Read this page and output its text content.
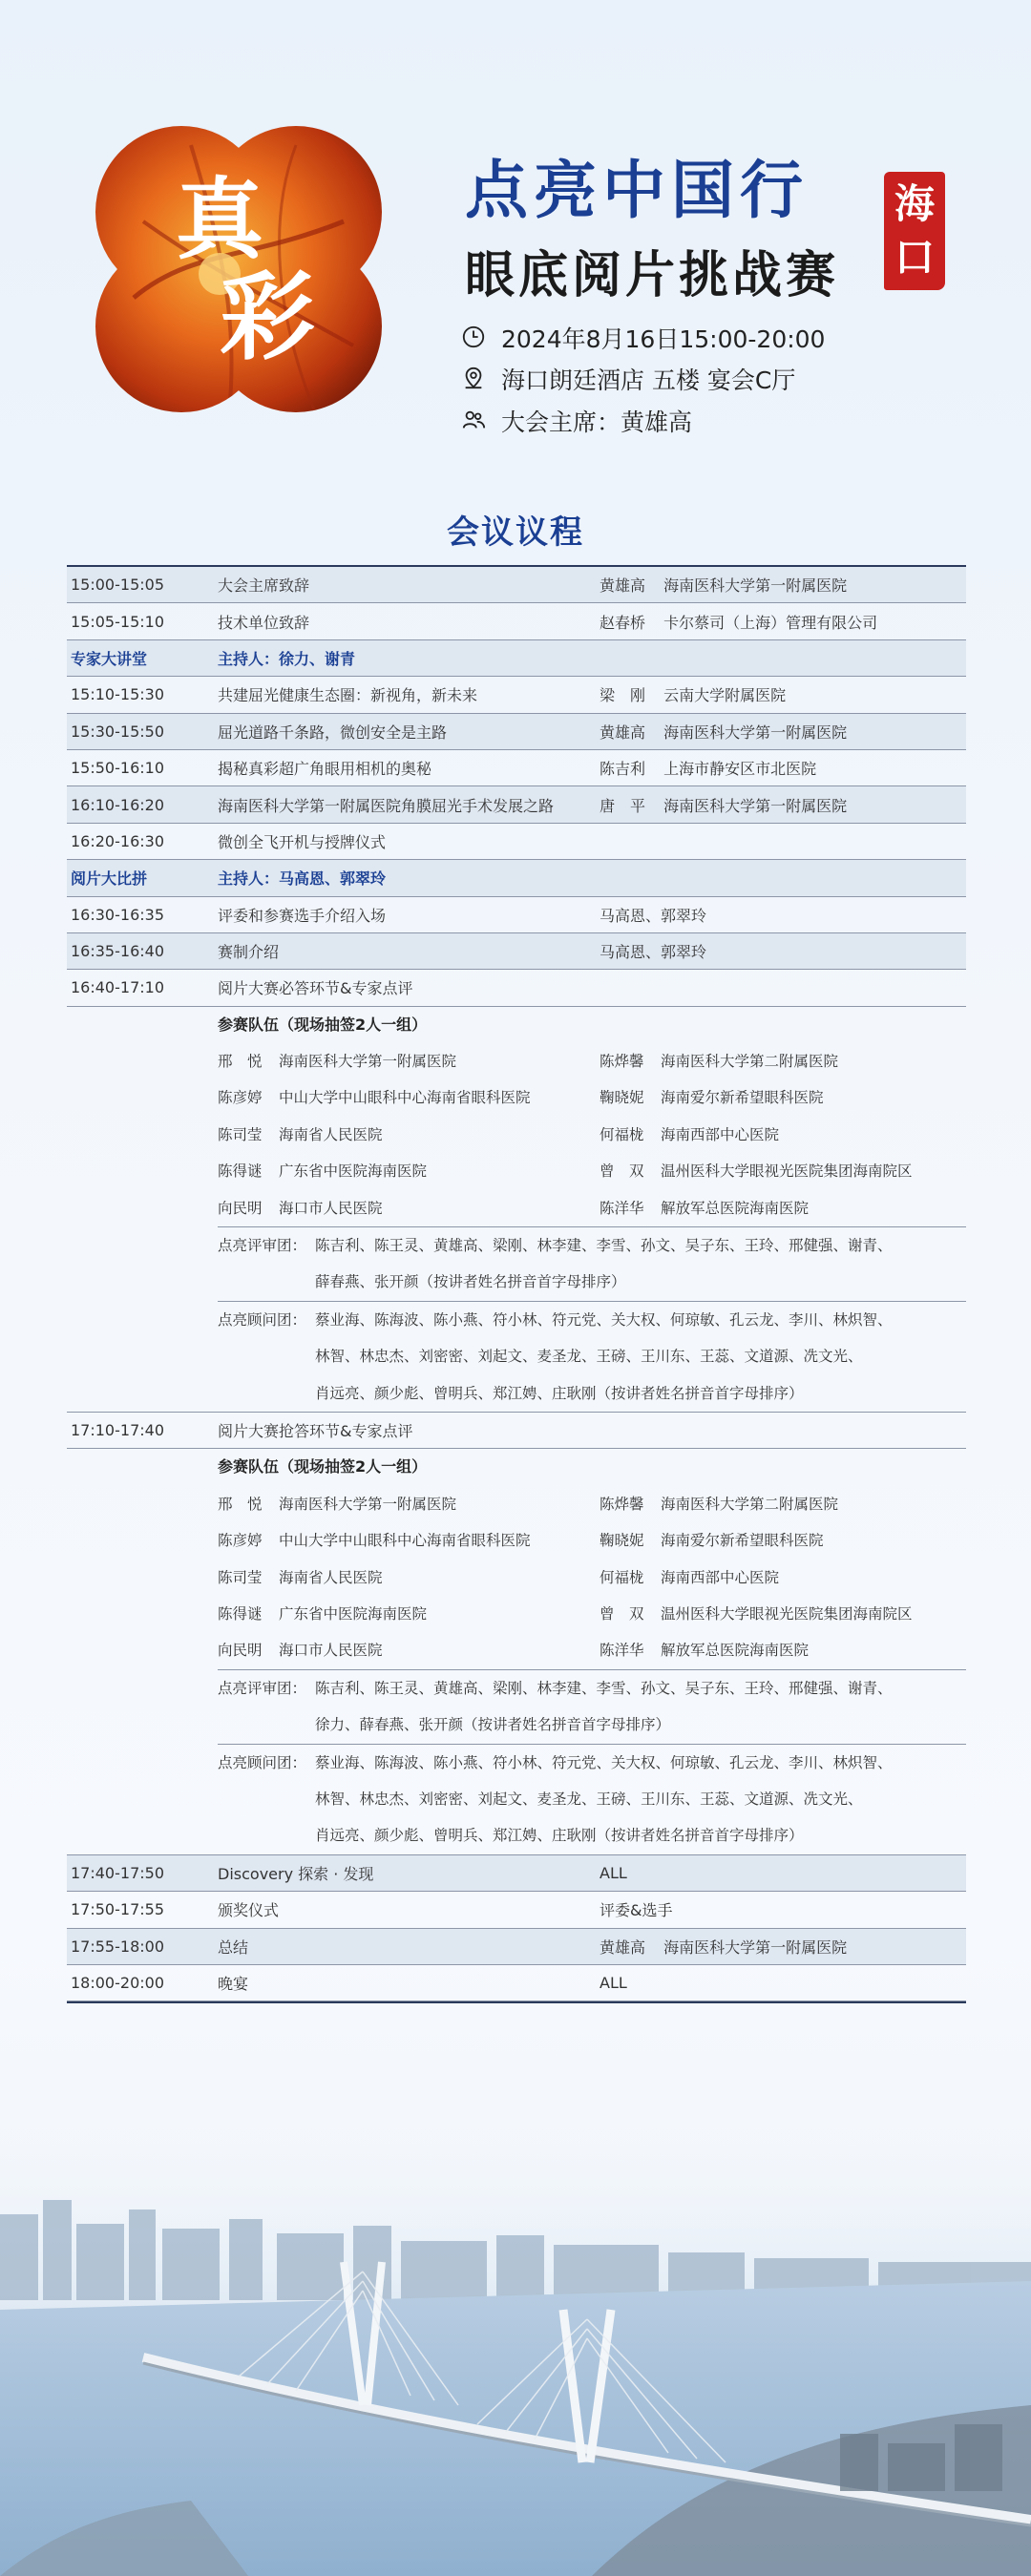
真
彩
点亮中国行
眼底阅片挑战赛
海
口
2024年8月16日15:00-20:00
海口朗廷酒店 五楼 宴会C厅
大会主席：黄雄高
会议议程
15:00-15:05	大会主席致辞	黄雄高 海南医科大学第一附属医院
15:05-15:10	技术单位致辞	赵春桥 卡尔蔡司（上海）管理有限公司
专家大讲堂	主持人：徐力、谢青
15:10-15:30	共建屈光健康生态圈：新视角，新未来	梁　刚 云南大学附属医院
15:30-15:50	屈光道路千条路，微创安全是主路	黄雄高 海南医科大学第一附属医院
15:50-16:10	揭秘真彩超广角眼用相机的奥秘	陈吉利 上海市静安区市北医院
16:10-16:20	海南医科大学第一附属医院角膜屈光手术发展之路	唐　平 海南医科大学第一附属医院
16:20-16:30	微创全飞开机与授牌仪式
阅片大比拼	主持人：马高恩、郭翠玲
16:30-16:35	评委和参赛选手介绍入场	马高恩、郭翠玲
16:35-16:40	赛制介绍	马高恩、郭翠玲
16:40-17:10	阅片大赛必答环节&专家点评
参赛队伍（现场抽签2人一组）
邢　悦 海南医科大学第一附属医院	陈烨馨 海南医科大学第二附属医院
陈彦婷 中山大学中山眼科中心海南省眼科医院	鞠晓妮 海南爱尔新希望眼科医院
陈司莹 海南省人民医院	何福栊 海南西部中心医院
陈得谜 广东省中医院海南医院	曾　双 温州医科大学眼视光医院集团海南院区
向民明 海口市人民医院	陈洋华 解放军总医院海南医院
点亮评审团： 陈吉利、陈王灵、黄雄高、梁刚、林李建、李雪、孙文、吴子东、王玲、邢健强、谢青、
薛春燕、张开颜（按讲者姓名拼音首字母排序）
点亮顾问团： 蔡业海、陈海波、陈小燕、符小林、符元党、关大权、何琼敏、孔云龙、李川、林炽智、
林智、林忠杰、刘密密、刘起文、麦圣龙、王磅、王川东、王蕊、文道源、冼文光、
肖远亮、颜少彪、曾明兵、郑江娉、庄耿刚（按讲者姓名拼音首字母排序）
17:10-17:40	阅片大赛抢答环节&专家点评
参赛队伍（现场抽签2人一组）
邢　悦 海南医科大学第一附属医院	陈烨馨 海南医科大学第二附属医院
陈彦婷 中山大学中山眼科中心海南省眼科医院	鞠晓妮 海南爱尔新希望眼科医院
陈司莹 海南省人民医院	何福栊 海南西部中心医院
陈得谜 广东省中医院海南医院	曾　双 温州医科大学眼视光医院集团海南院区
向民明 海口市人民医院	陈洋华 解放军总医院海南医院
点亮评审团： 陈吉利、陈王灵、黄雄高、梁刚、林李建、李雪、孙文、吴子东、王玲、邢健强、谢青、
徐力、薛春燕、张开颜（按讲者姓名拼音首字母排序）
点亮顾问团： 蔡业海、陈海波、陈小燕、符小林、符元党、关大权、何琼敏、孔云龙、李川、林炽智、
林智、林忠杰、刘密密、刘起文、麦圣龙、王磅、王川东、王蕊、文道源、冼文光、
肖远亮、颜少彪、曾明兵、郑江娉、庄耿刚（按讲者姓名拼音首字母排序）
17:40-17:50	Discovery 探索 · 发现	ALL
17:50-17:55	颁奖仪式	评委&选手
17:55-18:00	总结	黄雄高 海南医科大学第一附属医院
18:00-20:00	晚宴	ALL
